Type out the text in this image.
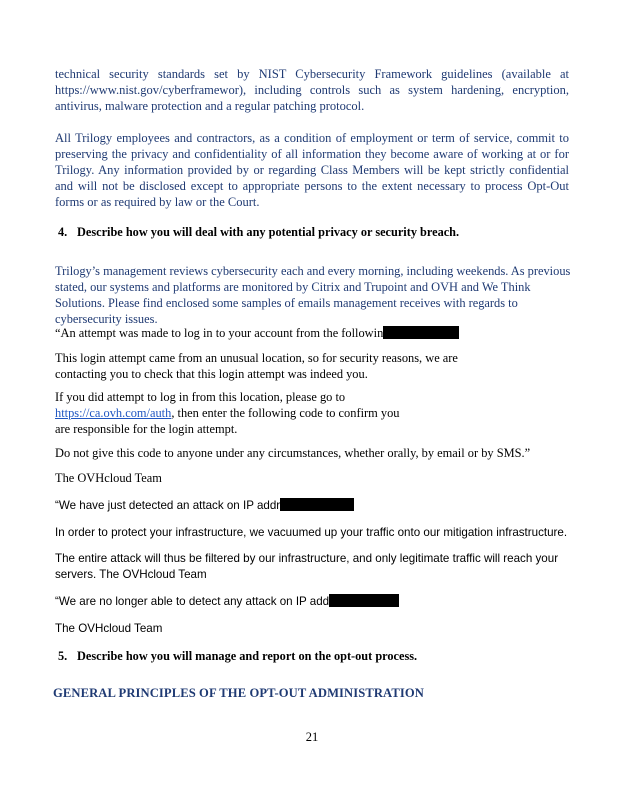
technical security standards set by NIST Cybersecurity Framework guidelines (available at https://www.nist.gov/cyberframewor), including controls such as system hardening, encryption, antivirus, malware protection and a regular patching protocol.

All Trilogy employees and contractors, as a condition of employment or term of service, commit to preserving the privacy and confidentiality of all information they become aware of working at or for Trilogy. Any information provided by or regarding Class Members will be kept strictly confidential and will not be disclosed except to appropriate persons to the extent necessary to process Opt-Out forms or as required by law or the Court.

4. Describe how you will deal with any potential privacy or security breach.

Trilogy’s management reviews cybersecurity each and every morning, including weekends. As previous stated, our systems and platforms are monitored by Citrix and Trupoint and OVH and We Think Solutions. Please find enclosed some samples of emails management receives with regards to cybersecurity issues.

“An attempt was made to log in to your account from the followin
This login attempt came from an unusual location, so for security reasons, we are
contacting you to check that this login attempt was indeed you.
If you did attempt to log in from this location, please go to
https://ca.ovh.com/auth, then enter the following code to confirm you
are responsible for the login attempt.
Do not give this code to anyone under any circumstances, whether orally, by email or by SMS.”
The OVHcloud Team
“We have just detected an attack on IP addr
In order to protect your infrastructure, we vacuumed up your traffic onto our mitigation infrastructure.
The entire attack will thus be filtered by our infrastructure, and only legitimate traffic will reach your
servers. The OVHcloud Team
“We are no longer able to detect any attack on IP add
The OVHcloud Team
5. Describe how you will manage and report on the opt-out process.
GENERAL PRINCIPLES OF THE OPT-OUT ADMINISTRATION
21
